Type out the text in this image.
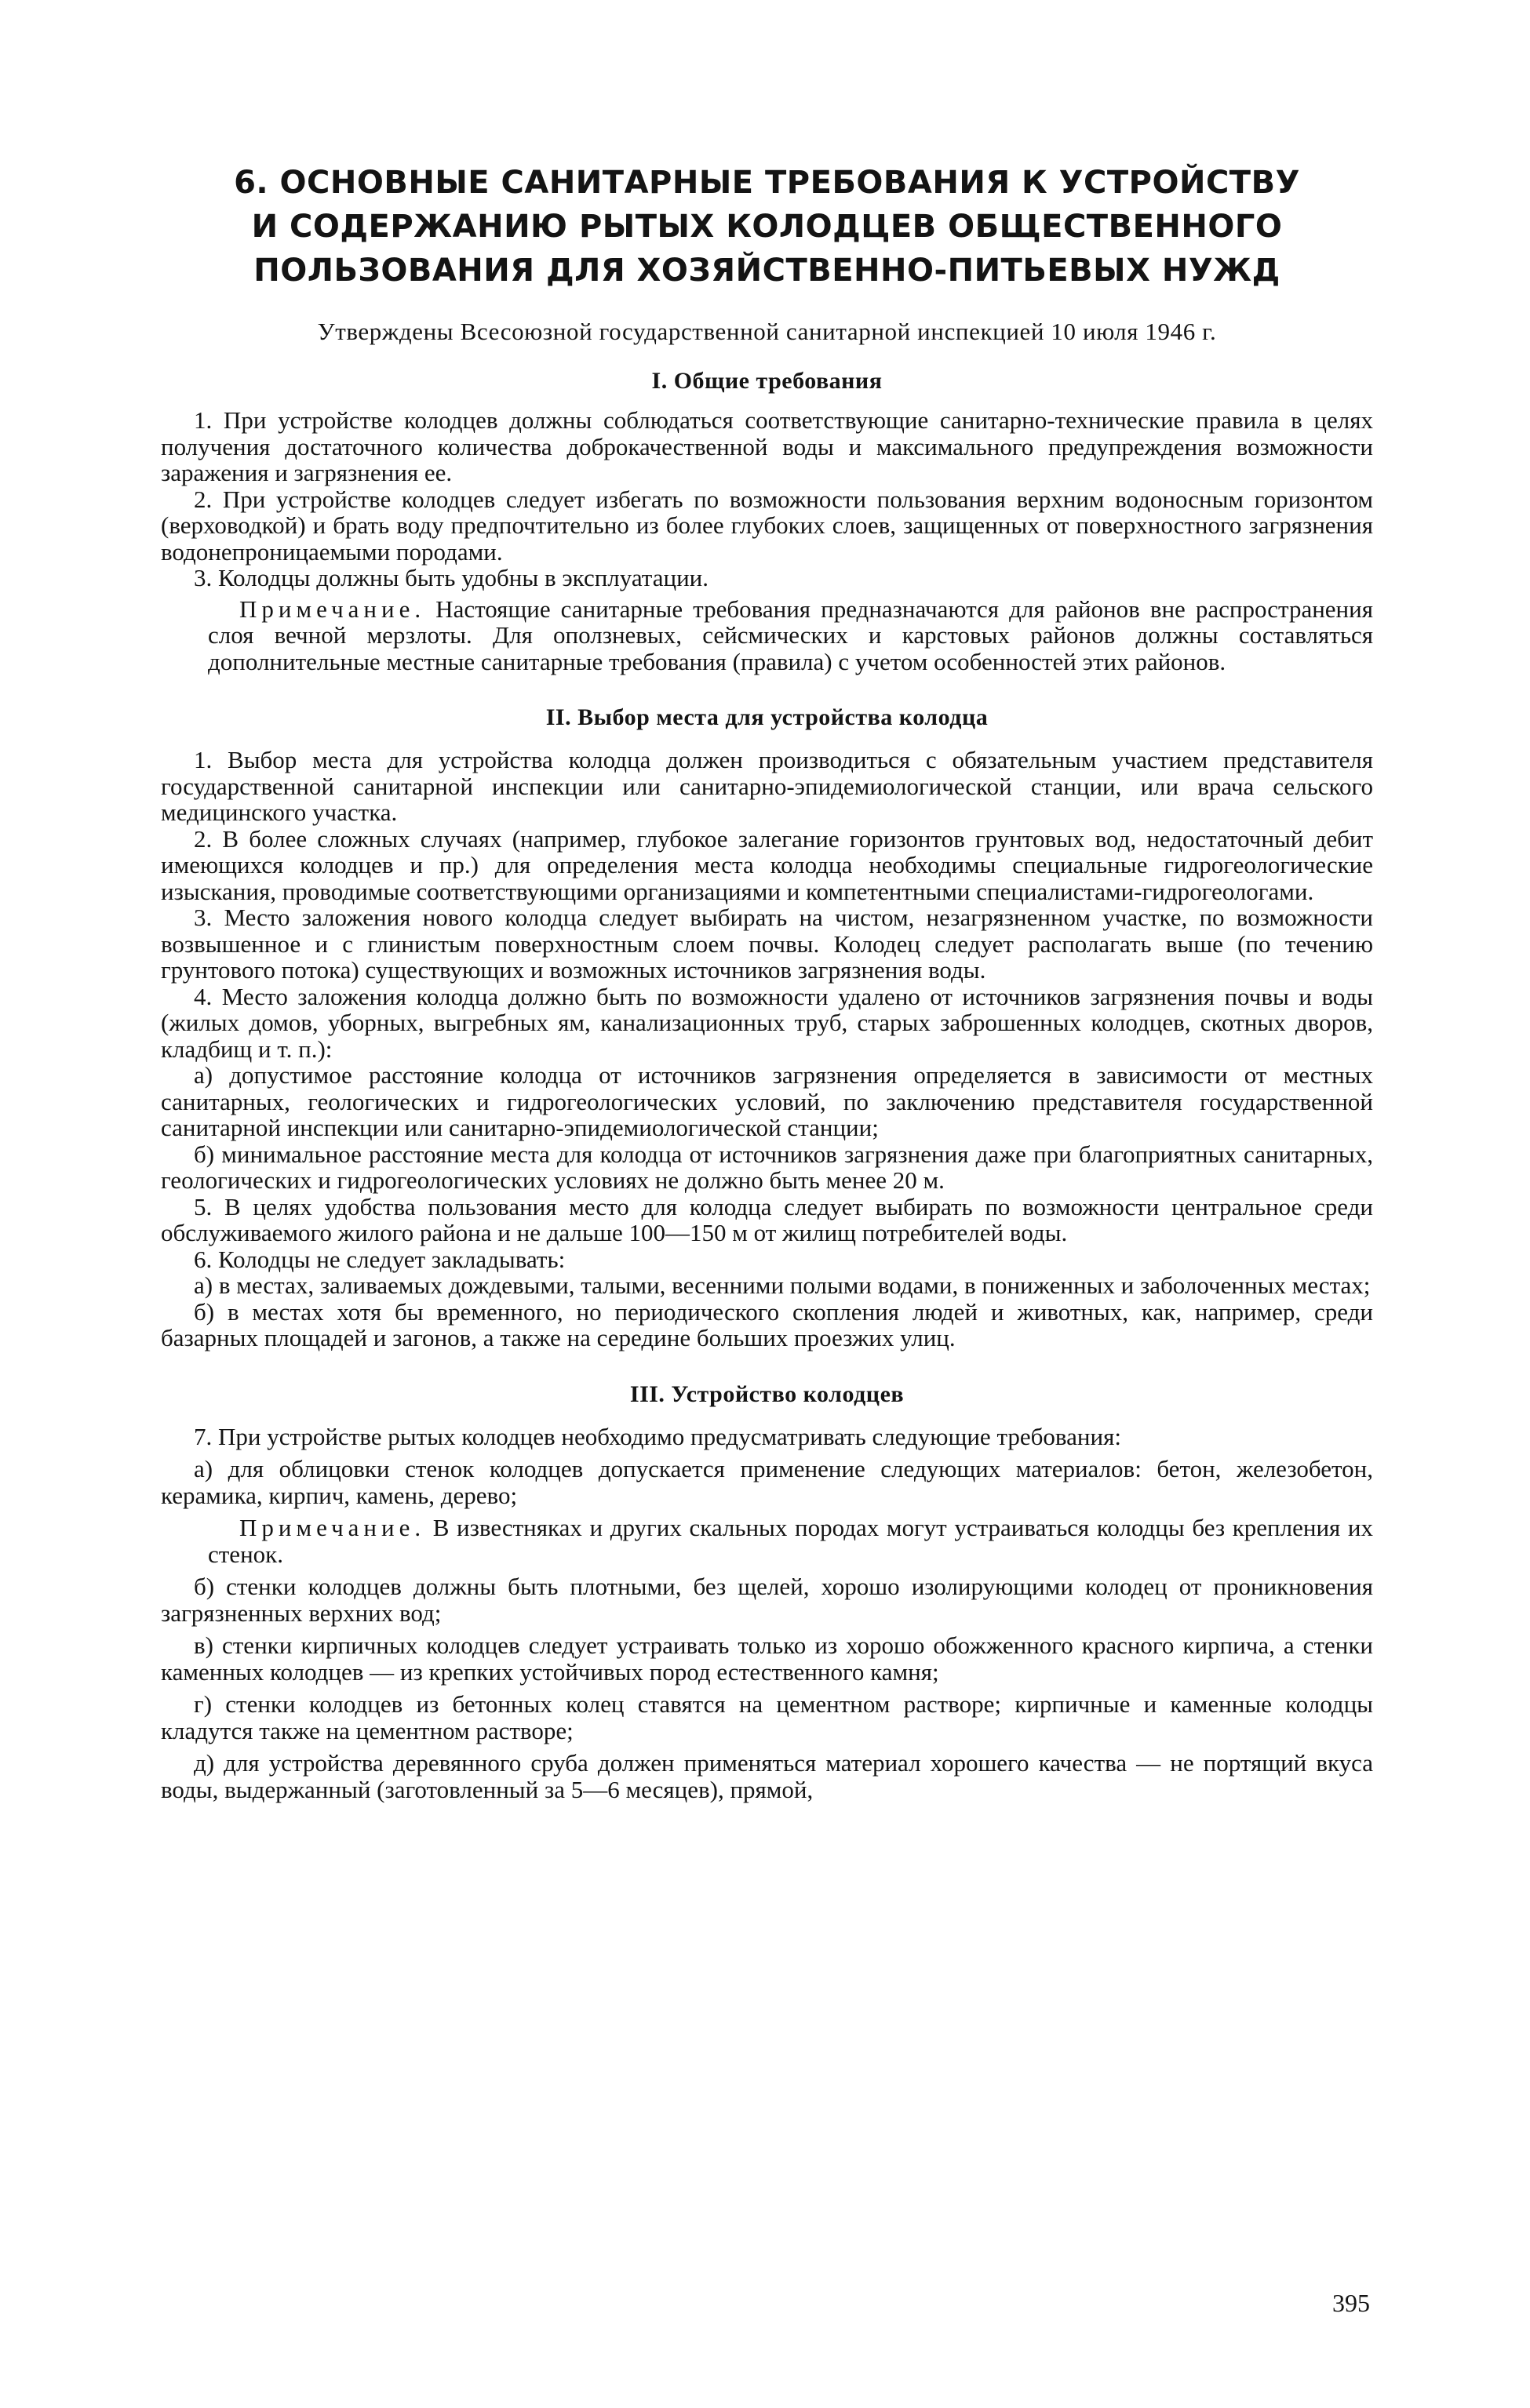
6. ОСНОВНЫЕ САНИТАРНЫЕ ТРЕБОВАНИЯ К УСТРОЙСТВУ
И СОДЕРЖАНИЮ РЫТЫХ КОЛОДЦЕВ ОБЩЕСТВЕННОГО
ПОЛЬЗОВАНИЯ ДЛЯ ХОЗЯЙСТВЕННО-ПИТЬЕВЫХ НУЖД

Утверждены Всесоюзной государственной санитарной инспекцией 10 июля 1946 г.

I. Общие требования

1. При устройстве колодцев должны соблюдаться соответствующие санитарно-технические правила в целях получения достаточного количества доброкачественной воды и максимального предупреждения возможности заражения и загрязнения ее.

2. При устройстве колодцев следует избегать по возможности пользования верхним водоносным горизонтом (верховодкой) и брать воду предпочтительно из более глубоких слоев, защищенных от поверхностного загрязнения водонепроницаемыми породами.

3. Колодцы должны быть удобны в эксплуатации.

Примечание. Настоящие санитарные требования предназначаются для районов вне распространения слоя вечной мерзлоты. Для оползневых, сейсмических и карстовых районов должны составляться дополнительные местные санитарные требования (правила) с учетом особенностей этих районов.

II. Выбор места для устройства колодца

1. Выбор места для устройства колодца должен производиться с обязательным участием представителя государственной санитарной инспекции или санитарно-эпидемиологической станции, или врача сельского медицинского участка.

2. В более сложных случаях (например, глубокое залегание горизонтов грунтовых вод, недостаточный дебит имеющихся колодцев и пр.) для определения места колодца необходимы специальные гидрогеологические изыскания, проводимые соответствующими организациями и компетентными специалистами-гидрогеологами.

3. Место заложения нового колодца следует выбирать на чистом, незагрязненном участке, по возможности возвышенное и с глинистым поверхностным слоем почвы. Колодец следует располагать выше (по течению грунтового потока) существующих и возможных источников загрязнения воды.

4. Место заложения колодца должно быть по возможности удалено от источников загрязнения почвы и воды (жилых домов, уборных, выгребных ям, канализационных труб, старых заброшенных колодцев, скотных дворов, кладбищ и т. п.):

а) допустимое расстояние колодца от источников загрязнения определяется в зависимости от местных санитарных, геологических и гидрогеологических условий, по заключению представителя государственной санитарной инспекции или санитарно-эпидемиологической станции;

б) минимальное расстояние места для колодца от источников загрязнения даже при благоприятных санитарных, геологических и гидрогеологических условиях не должно быть менее 20 м.

5. В целях удобства пользования место для колодца следует выбирать по возможности центральное среди обслуживаемого жилого района и не дальше 100—150 м от жилищ потребителей воды.

6. Колодцы не следует закладывать:

а) в местах, заливаемых дождевыми, талыми, весенними полыми водами, в пониженных и заболоченных местах;

б) в местах хотя бы временного, но периодического скопления людей и животных, как, например, среди базарных площадей и загонов, а также на середине больших проезжих улиц.

III. Устройство колодцев

7. При устройстве рытых колодцев необходимо предусматривать следующие требования:

а) для облицовки стенок колодцев допускается применение следующих материалов: бетон, железобетон, керамика, кирпич, камень, дерево;

Примечание. В известняках и других скальных породах могут устраиваться колодцы без крепления их стенок.

б) стенки колодцев должны быть плотными, без щелей, хорошо изолирующими колодец от проникновения загрязненных верхних вод;

в) стенки кирпичных колодцев следует устраивать только из хорошо обожженного красного кирпича, а стенки каменных колодцев — из крепких устойчивых пород естественного камня;

г) стенки колодцев из бетонных колец ставятся на цементном растворе; кирпичные и каменные колодцы кладутся также на цементном растворе;

д) для устройства деревянного сруба должен применяться материал хорошего качества — не портящий вкуса воды, выдержанный (заготовленный за 5—6 месяцев), прямой,

395
